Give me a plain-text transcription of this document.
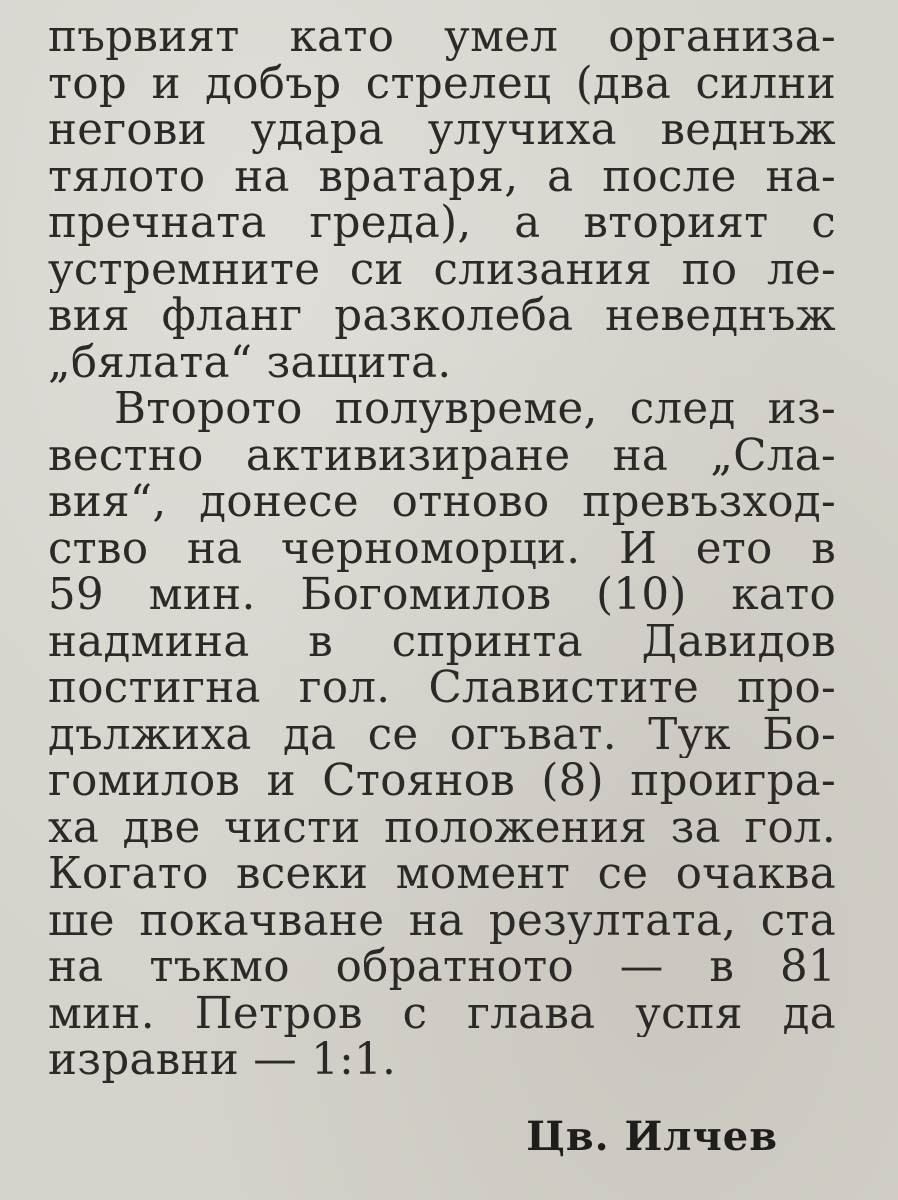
първият като умел организа-
тор и добър стрелец (два силни
негови удара улучиха веднъж
тялото на вратаря, а после на-
пречната греда), а вторият с
устремните си слизания по ле-
вия фланг разколеба неведнъж
„бялата“ защита.
Второто полувреме, след из-
вестно активизиране на „Сла-
вия“, донесе отново превъзход-
ство на черноморци. И ето в
59 мин. Богомилов (10) като
надмина в спринта Давидов
постигна гол. Славистите про-
дължиха да се огъват. Тук Бо-
гомилов и Стоянов (8) проигра-
ха две чисти положения за гол.
Когато всеки момент се очаква
ше покачване на резултата, ста
на тъкмо обратното — в 81
мин. Петров с глава успя да
изравни — 1:1.
Цв. Илчев
